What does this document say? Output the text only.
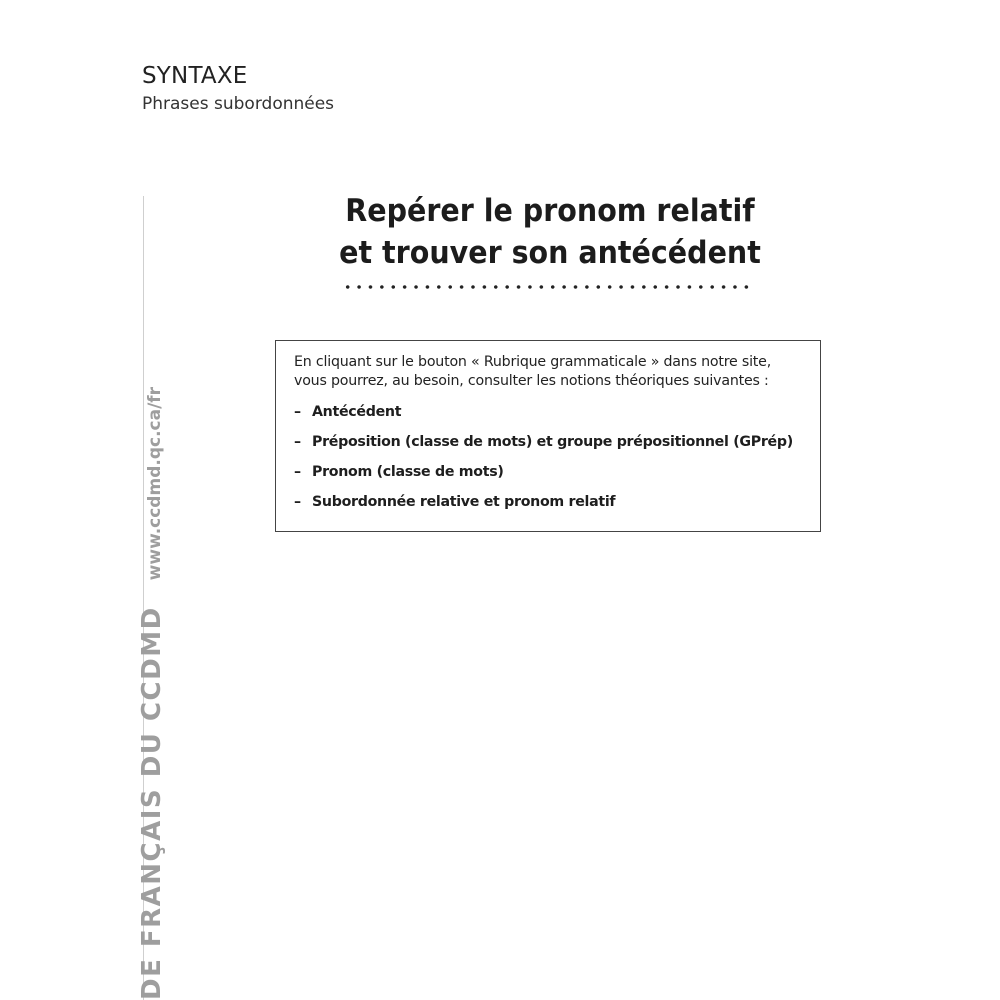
SYNTAXE
Phrases subordonnées
DE FRANÇAIS DU CCDMDwww.ccdmd.qc.ca/fr
Repérer le pronom relatif
et trouver son antécédent

En cliquant sur le bouton « Rubrique grammaticale » dans notre site, vous pourrez, au besoin, consulter les notions théoriques suivantes :

– Antécédent
– Préposition (classe de mots) et groupe prépositionnel (GPrép)
– Pronom (classe de mots)
– Subordonnée relative et pronom relatif
